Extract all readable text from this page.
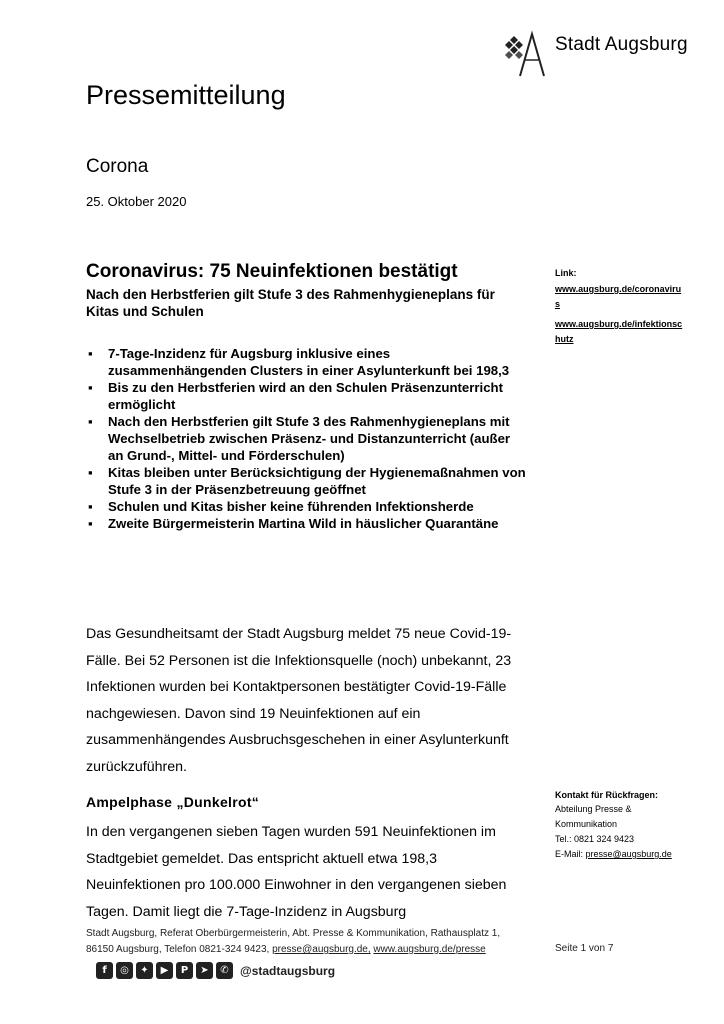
Stadt Augsburg
Pressemitteilung
Corona
25. Oktober 2020
Coronavirus: 75 Neuinfektionen bestätigt
Nach den Herbstferien gilt Stufe 3 des Rahmenhygieneplans für Kitas und Schulen
▪ 7-Tage-Inzidenz für Augsburg inklusive eines zusammenhängenden Clusters in einer Asylunterkunft bei 198,3
▪ Bis zu den Herbstferien wird an den Schulen Präsenzunterricht ermöglicht
▪ Nach den Herbstferien gilt Stufe 3 des Rahmenhygieneplans mit Wechselbetrieb zwischen Präsenz- und Distanzunterricht (außer an Grund-, Mittel- und Förderschulen)
▪ Kitas bleiben unter Berücksichtigung der Hygienemaßnahmen von Stufe 3 in der Präsenzbetreuung geöffnet
▪ Schulen und Kitas bisher keine führenden Infektionsherde
▪ Zweite Bürgermeisterin Martina Wild in häuslicher Quarantäne
Das Gesundheitsamt der Stadt Augsburg meldet 75 neue Covid-19-Fälle. Bei 52 Personen ist die Infektionsquelle (noch) unbekannt, 23 Infektionen wurden bei Kontaktpersonen bestätigter Covid-19-Fälle nachgewiesen. Davon sind 19 Neuinfektionen auf ein zusammenhängendes Ausbruchsgeschehen in einer Asylunterkunft zurückzuführen.
Ampelphase „Dunkelrot“
In den vergangenen sieben Tagen wurden 591 Neuinfektionen im Stadtgebiet gemeldet. Das entspricht aktuell etwa 198,3 Neuinfektionen pro 100.000 Einwohner in den vergangenen sieben Tagen. Damit liegt die 7-Tage-Inzidenz in Augsburg
Link:
www.augsburg.de/coronavirus
www.augsburg.de/infektionschutz
Kontakt für Rückfragen:
Abteilung Presse &
Kommunikation
Tel.: 0821 324 9423
E-Mail: presse@augsburg.de
Stadt Augsburg, Referat Oberbürgermeisterin, Abt. Presse & Kommunikation, Rathausplatz 1,
86150 Augsburg, Telefon 0821-324 9423, presse@augsburg.de, www.augsburg.de/presse	Seite 1 von 7
f	◎	✦	▶	P	➤	✆ @stadtaugsburg
